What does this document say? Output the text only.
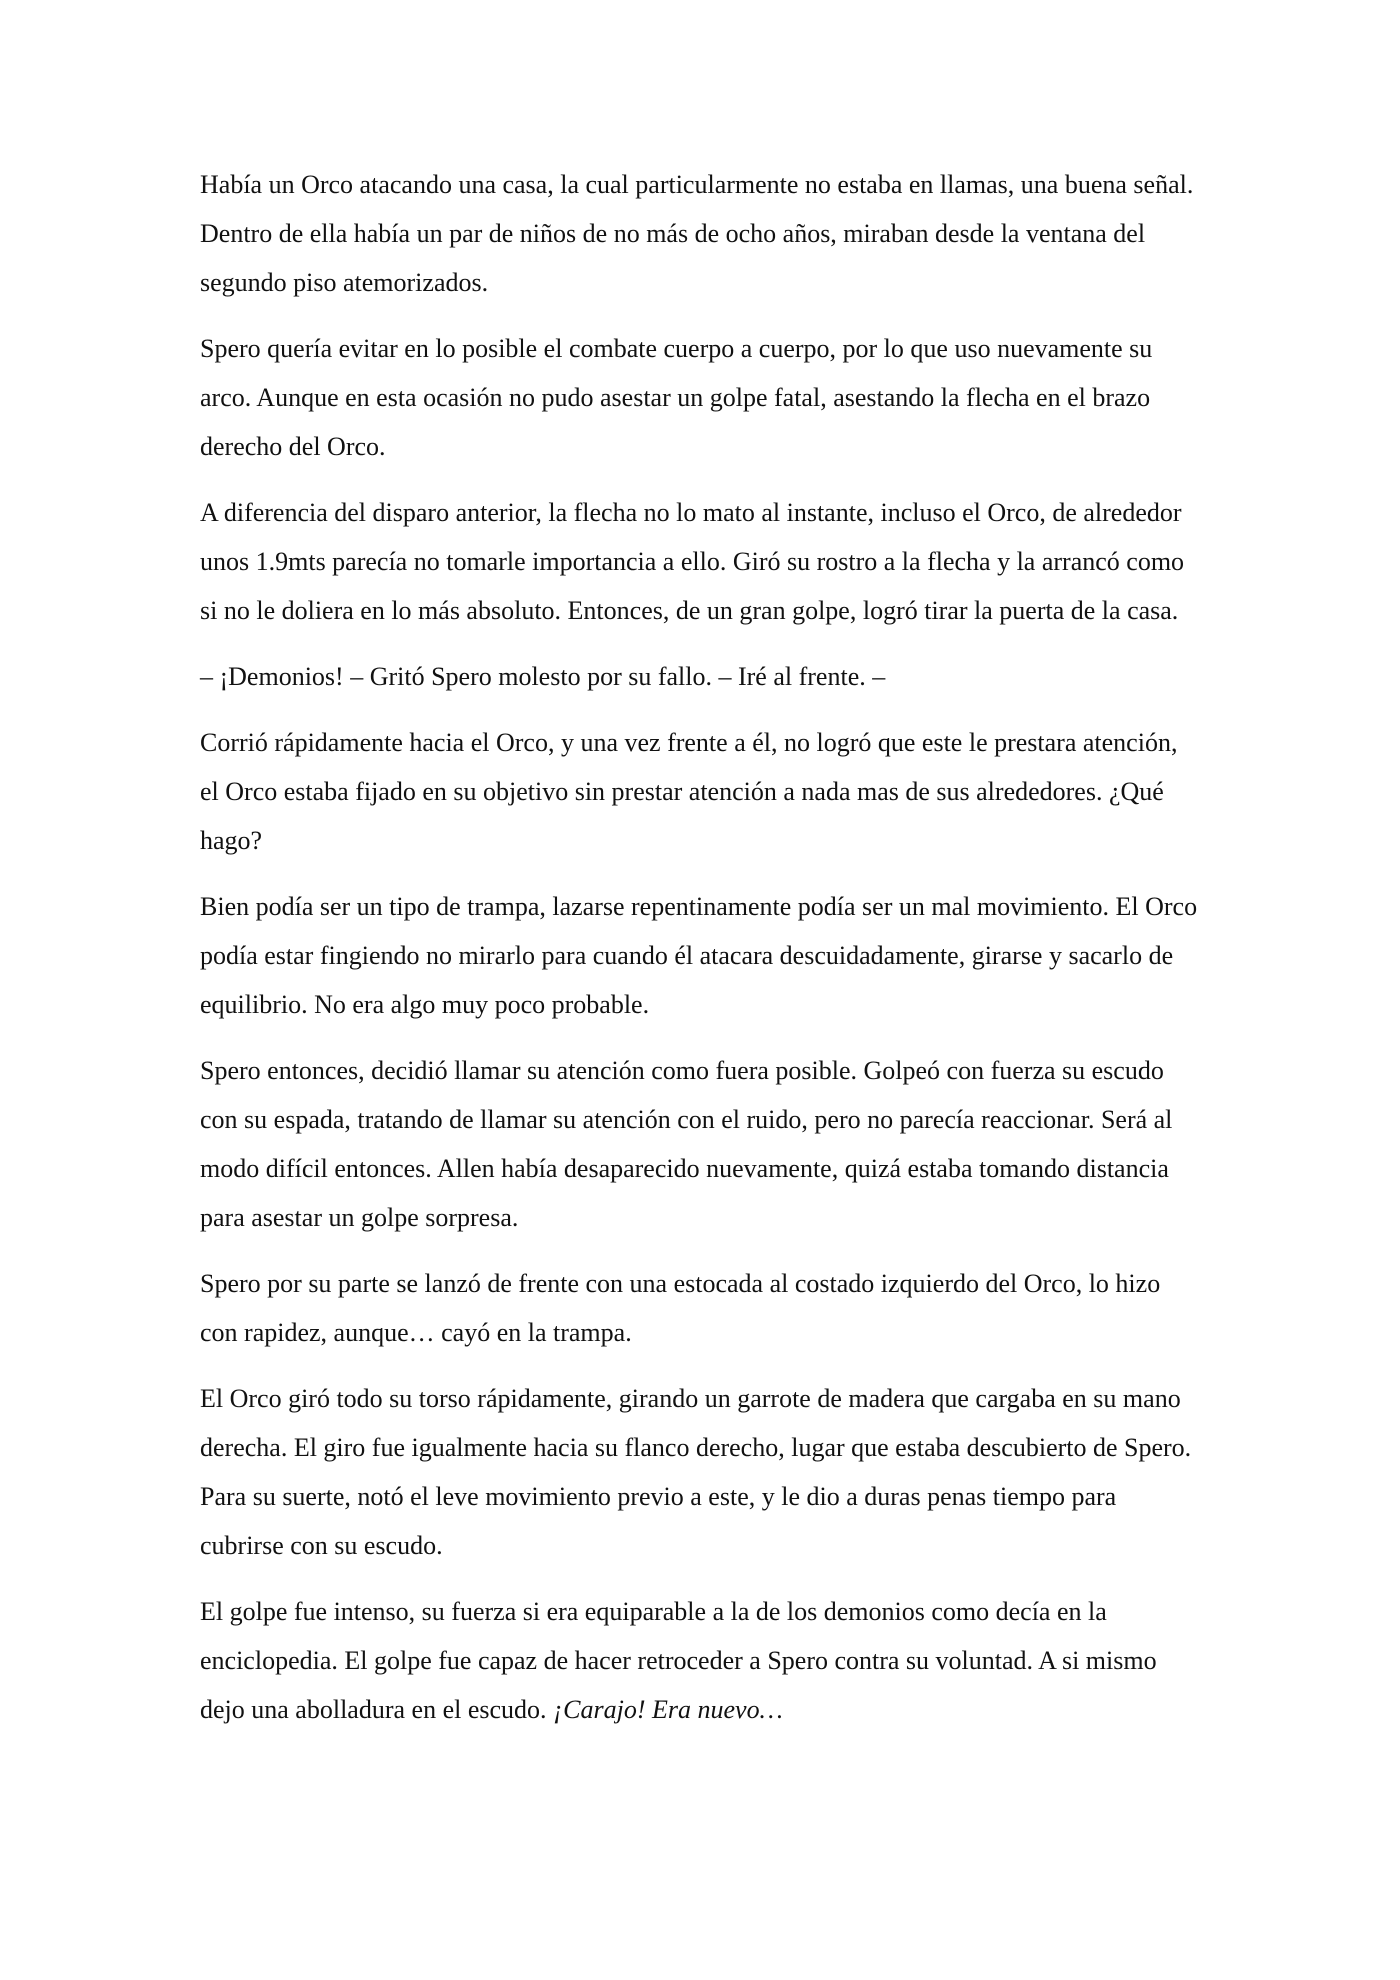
Había un Orco atacando una casa, la cual particularmente no estaba en llamas, una buena señal. Dentro de ella había un par de niños de no más de ocho años, miraban desde la ventana del segundo piso atemorizados.

Spero quería evitar en lo posible el combate cuerpo a cuerpo, por lo que uso nuevamente su arco. Aunque en esta ocasión no pudo asestar un golpe fatal, asestando la flecha en el brazo derecho del Orco.

A diferencia del disparo anterior, la flecha no lo mato al instante, incluso el Orco, de alrededor unos 1.9mts parecía no tomarle importancia a ello. Giró su rostro a la flecha y la arrancó como si no le doliera en lo más absoluto. Entonces, de un gran golpe, logró tirar la puerta de la casa.

– ¡Demonios! – Gritó Spero molesto por su fallo. – Iré al frente. –

Corrió rápidamente hacia el Orco, y una vez frente a él, no logró que este le prestara atención, el Orco estaba fijado en su objetivo sin prestar atención a nada mas de sus alrededores. ¿Qué hago?

Bien podía ser un tipo de trampa, lazarse repentinamente podía ser un mal movimiento. El Orco podía estar fingiendo no mirarlo para cuando él atacara descuidadamente, girarse y sacarlo de equilibrio. No era algo muy poco probable.

Spero entonces, decidió llamar su atención como fuera posible. Golpeó con fuerza su escudo con su espada, tratando de llamar su atención con el ruido, pero no parecía reaccionar. Será al modo difícil entonces. Allen había desaparecido nuevamente, quizá estaba tomando distancia para asestar un golpe sorpresa.

Spero por su parte se lanzó de frente con una estocada al costado izquierdo del Orco, lo hizo con rapidez, aunque… cayó en la trampa.

El Orco giró todo su torso rápidamente, girando un garrote de madera que cargaba en su mano derecha. El giro fue igualmente hacia su flanco derecho, lugar que estaba descubierto de Spero. Para su suerte, notó el leve movimiento previo a este, y le dio a duras penas tiempo para cubrirse con su escudo.

El golpe fue intenso, su fuerza si era equiparable a la de los demonios como decía en la enciclopedia. El golpe fue capaz de hacer retroceder a Spero contra su voluntad. A si mismo dejo una abolladura en el escudo. ¡Carajo! Era nuevo…
